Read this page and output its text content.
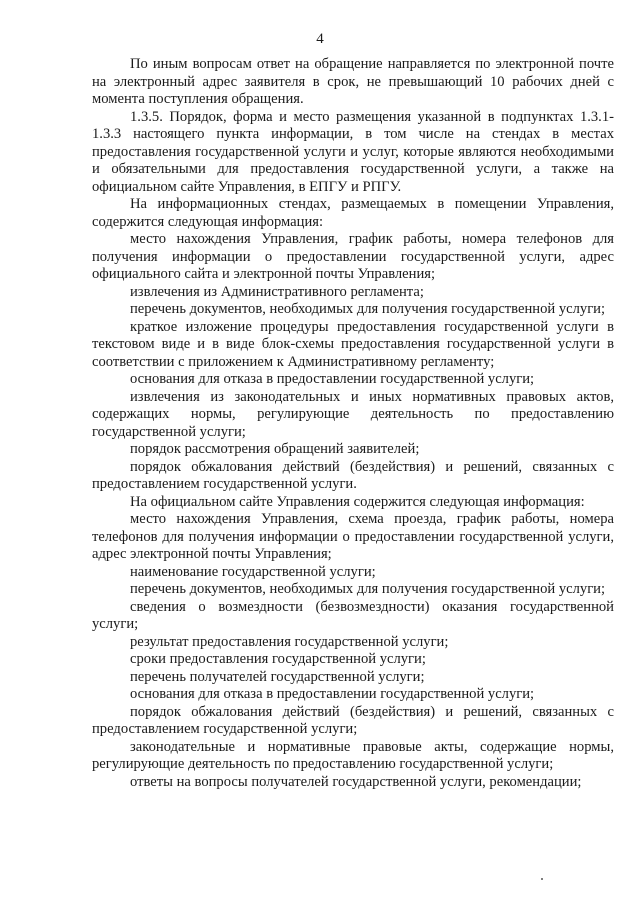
4

По иным вопросам ответ на обращение направляется по электронной почте на электронный адрес заявителя в срок, не превышающий 10 рабочих дней с момента поступления обращения.

1.3.5. Порядок, форма и место размещения указанной в подпунктах 1.3.1-1.3.3 настоящего пункта информации, в том числе на стендах в местах предоставления государственной услуги и услуг, которые являются необходимыми и обязательными для предоставления государственной услуги, а также на официальном сайте Управления, в ЕПГУ и РПГУ.

На информационных стендах, размещаемых в помещении Управления, содержится следующая информация:

место нахождения Управления, график работы, номера телефонов для получения информации о предоставлении государственной услуги, адрес официального сайта и электронной почты Управления;

извлечения из Административного регламента;

перечень документов, необходимых для получения государственной услуги;

краткое изложение процедуры предоставления государственной услуги в текстовом виде и в виде блок-схемы предоставления государственной услуги в соответствии с приложением к Административному регламенту;

основания для отказа в предоставлении государственной услуги;

извлечения из законодательных и иных нормативных правовых актов, содержащих нормы, регулирующие деятельность по предоставлению государственной услуги;

порядок рассмотрения обращений заявителей;

порядок обжалования действий (бездействия) и решений, связанных с предоставлением государственной услуги.

На официальном сайте Управления содержится следующая информация:

место нахождения Управления, схема проезда, график работы, номера телефонов для получения информации о предоставлении государственной услуги, адрес электронной почты Управления;

наименование государственной услуги;

перечень документов, необходимых для получения государственной услуги;

сведения о возмездности (безвозмездности) оказания государственной услуги;

результат предоставления государственной услуги;

сроки предоставления государственной услуги;

перечень получателей государственной услуги;

основания для отказа в предоставлении государственной услуги;

порядок обжалования действий (бездействия) и решений, связанных с предоставлением государственной услуги;

законодательные и нормативные правовые акты, содержащие нормы, регулирующие деятельность по предоставлению государственной услуги;

ответы на вопросы получателей государственной услуги, рекомендации;
